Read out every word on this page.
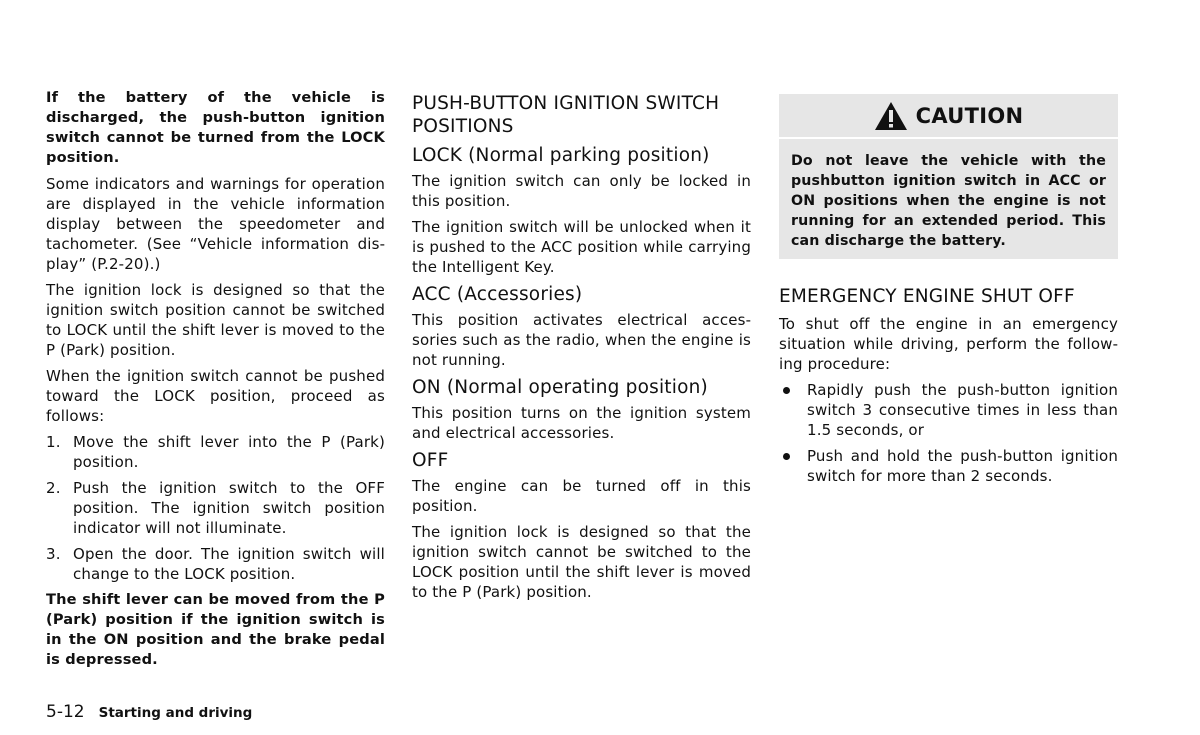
If the battery of the vehicle is discharged, the push-button ignition switch cannot be turned from the LOCK position.

Some indicators and warnings for operation are displayed in the vehicle information display between the speedometer and tachometer. (See “Vehicle information display” (P.2-20).)

The ignition lock is designed so that the ignition switch position cannot be switched to LOCK until the shift lever is moved to the P (Park) position.

When the ignition switch cannot be pushed toward the LOCK position, proceed as follows:

1. Move the shift lever into the P (Park) position.

2. Push the ignition switch to the OFF position. The ignition switch position indicator will not illuminate.

3. Open the door. The ignition switch will change to the LOCK position.

The shift lever can be moved from the P (Park) position if the ignition switch is in the ON position and the brake pedal is depressed.

PUSH-BUTTON IGNITION SWITCH POSITIONS
LOCK (Normal parking position)

The ignition switch can only be locked in this position.

The ignition switch will be unlocked when it is pushed to the ACC position while carrying the Intelligent Key.

ACC (Accessories)

This position activates electrical accessories such as the radio, when the engine is not running.

ON (Normal operating position)

This position turns on the ignition system and electrical accessories.

OFF

The engine can be turned off in this position.

The ignition lock is designed so that the ignition switch cannot be switched to the LOCK position until the shift lever is moved to the P (Park) position.

CAUTION

Do not leave the vehicle with the pushbutton ignition switch in ACC or ON positions when the engine is not running for an extended period. This can discharge the battery.

EMERGENCY ENGINE SHUT OFF

To shut off the engine in an emergency situation while driving, perform the following procedure:

Rapidly push the push-button ignition switch 3 consecutive times in less than 1.5 seconds, or

Push and hold the push-button ignition switch for more than 2 seconds.

5-12 Starting and driving
